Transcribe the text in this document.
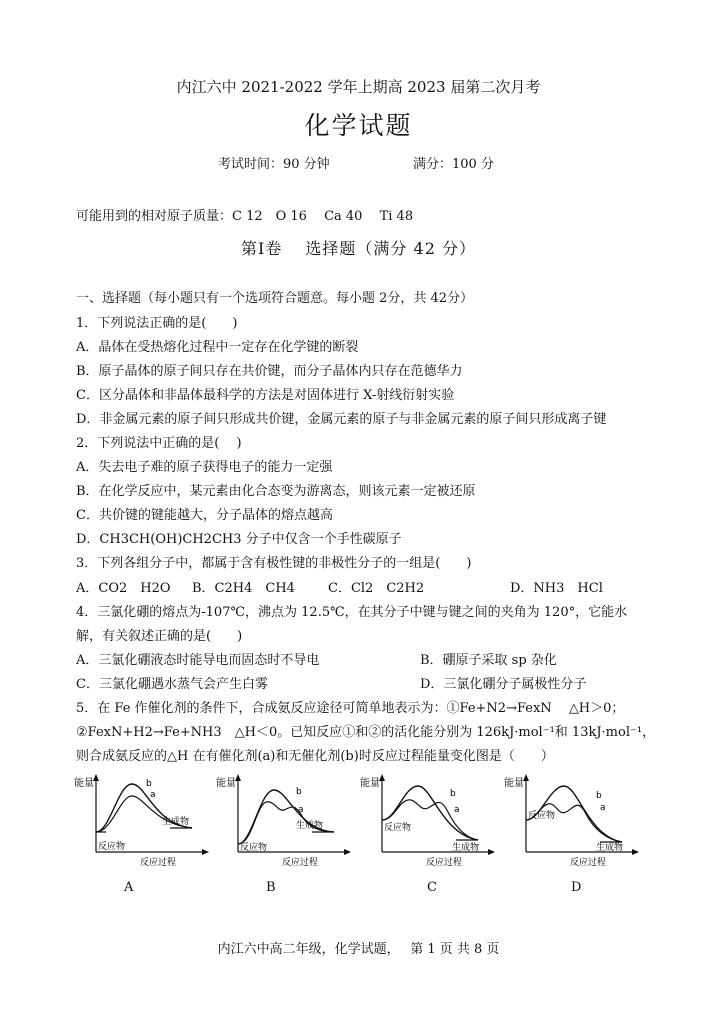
内江六中 2021-2022 学年上期高 2023 届第二次月考
化学试题
考试时间：90 分钟	满分：100 分
可能用到的相对原子质量：C 12　O 16　 Ca 40　 Ti 48
第Ⅰ卷　 选择题（满分 42 分）
一、选择题（每小题只有一个选项符合题意。每小题 2分，共 42分）
1．下列说法正确的是(　　)
A．晶体在受热熔化过程中一定存在化学键的断裂
B．原子晶体的原子间只存在共价键，而分子晶体内只存在范德华力
C．区分晶体和非晶体最科学的方法是对固体进行 X-射线衍射实验
D．非金属元素的原子间只形成共价键，金属元素的原子与非金属元素的原子间只形成离子键
2．下列说法中正确的是(　 )
A．失去电子难的原子获得电子的能力一定强
B．在化学反应中，某元素由化合态变为游离态，则该元素一定被还原
C．共价键的键能越大，分子晶体的熔点越高
D．CH3CH(OH)CH2CH3 分子中仅含一个手性碳原子
3．下列各组分子中，都属于含有极性键的非极性分子的一组是(　　)
A．CO2　H2O B．C2H4　CH4	C．Cl2　C2H2	D．NH3　HCl
4．三氯化硼的熔点为-107℃，沸点为 12.5℃，在其分子中键与键之间的夹角为 120°，它能水
解，有关叙述正确的是(　　)
A．三氯化硼液态时能导电而固态时不导电	B．硼原子采取 sp 杂化
C．三氯化硼遇水蒸气会产生白雾	D．三氯化硼分子属极性分子
5．在 Fe 作催化剂的条件下，合成氨反应途径可简单地表示为：①Fe+N2→FexN　 △H＞0；
②FexN+H2→Fe+NH3　△H＜0。已知反应①和②的活化能分别为 126kJ·mol⁻¹和 13kJ·mol⁻¹，
则合成氨反应的△H 在有催化剂(a)和无催化剂(b)时反应过程能量变化图是（　　）
能量	b
a
反应物
生成物
反应过程
能量
b
a
反应物
生成物
反应过程
能量
b
a
反应物
生成物
反应过程
能量
b
a
反应物
生成物
反应过程
A	B	C	D
内江六中高二年级，化学试题，　 第 1 页 共 8 页
